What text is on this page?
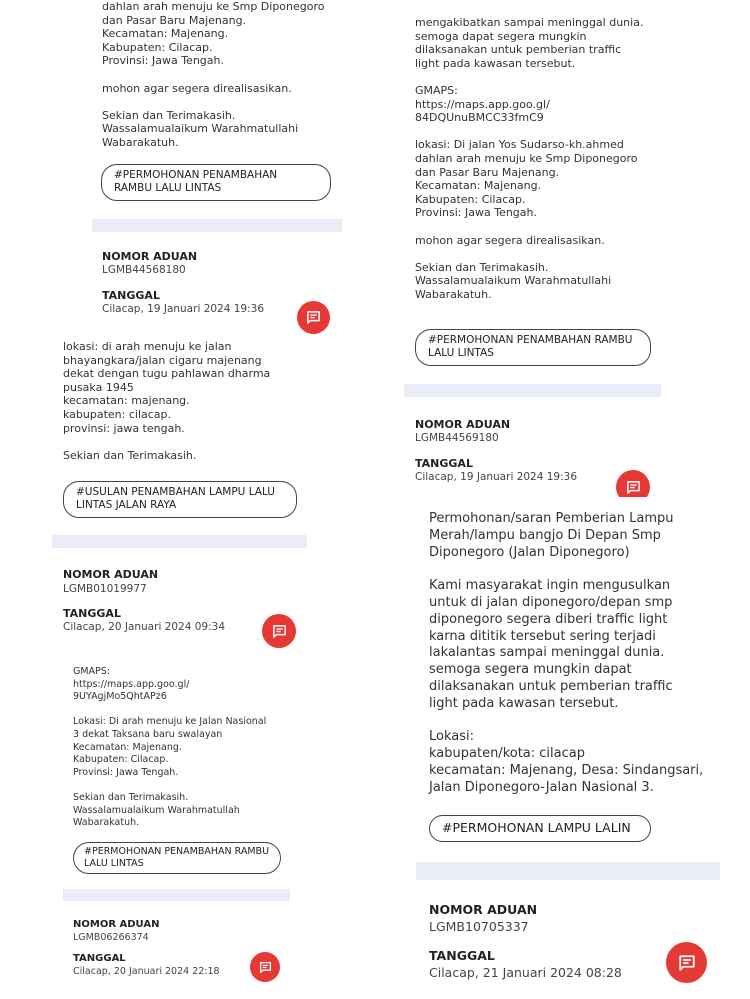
dahlan arah menuju ke Smp Diponegoro
dan Pasar Baru Majenang.
Kecamatan: Majenang.
Kabupaten: Cilacap.
Provinsi: Jawa Tengah.

mohon agar segera direalisasikan.

Sekian dan Terimakasih.
Wassalamualaikum Warahmatullahi
Wabarakatuh.
#PERMOHONAN PENAMBAHAN RAMBU LALU LINTAS
NOMOR ADUAN
LGMB44568180
TANGGAL
Cilacap, 19 Januari 2024 19:36
lokasi: di arah menuju ke jalan
bhayangkara/jalan cigaru majenang
dekat dengan tugu pahlawan dharma
pusaka 1945
kecamatan: majenang.
kabupaten: cilacap.
provinsi: jawa tengah.

Sekian dan Terimakasih.
#USULAN PENAMBAHAN LAMPU LALU LINTAS JALAN RAYA
NOMOR ADUAN
LGMB01019977
TANGGAL
Cilacap, 20 Januari 2024 09:34
GMAPS:
https://maps.app.goo.gl/
9UYAgjMo5QhtAPz6

Lokasi: Di arah menuju ke Jalan Nasional
3 dekat Taksana baru swalayan
Kecamatan: Majenang.
Kabupaten: Cilacap.
Provinsi: Jawa Tengah.

Sekian dan Terimakasih.
Wassalamualaikum Warahmatullah
Wabarakatuh.
#PERMOHONAN PENAMBAHAN RAMBU LALU LINTAS
NOMOR ADUAN
LGMB06266374
TANGGAL
Cilacap, 20 Januari 2024 22:18
mengakibatkan sampai meninggal dunia.
semoga dapat segera mungkin
dilaksanakan untuk pemberian traffic
light pada kawasan tersebut.

GMAPS:
https://maps.app.goo.gl/
84DQUnuBMCC33fmC9

lokasi: Di jalan Yos Sudarso-kh.ahmed
dahlan arah menuju ke Smp Diponegoro
dan Pasar Baru Majenang.
Kecamatan: Majenang.
Kabupaten: Cilacap.
Provinsi: Jawa Tengah.

mohon agar segera direalisasikan.

Sekian dan Terimakasih.
Wassalamualaikum Warahmatullahi
Wabarakatuh.
#PERMOHONAN PENAMBAHAN RAMBU LALU LINTAS
NOMOR ADUAN
LGMB44569180
TANGGAL
Cilacap, 19 Januari 2024 19:36
Permohonan/saran Pemberian Lampu
Merah/lampu bangjo Di Depan Smp
Diponegoro (Jalan Diponegoro)

Kami masyarakat ingin mengusulkan
untuk di jalan diponegoro/depan smp
diponegoro segera diberi traffic light
karna dititik tersebut sering terjadi
lakalantas sampai meninggal dunia.
semoga segera mungkin dapat
dilaksanakan untuk pemberian traffic
light pada kawasan tersebut.

Lokasi:
kabupaten/kota: cilacap
kecamatan: Majenang, Desa: Sindangsari,
Jalan Diponegoro-Jalan Nasional 3.
#PERMOHONAN LAMPU LALIN
NOMOR ADUAN
LGMB10705337
TANGGAL
Cilacap, 21 Januari 2024 08:28
